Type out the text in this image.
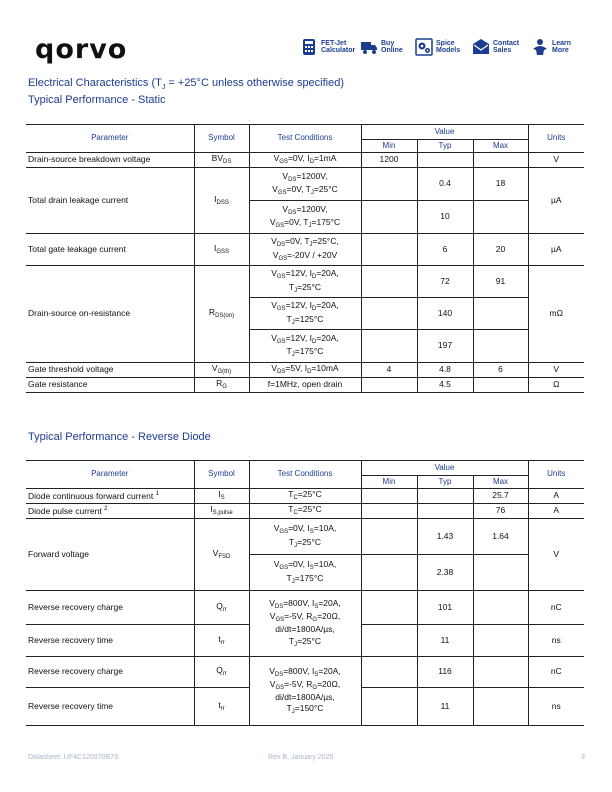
qorvo	FET-Jet
Calculator
Buy
Online
Spice
Models
Contact
Sales
Learn
More
Electrical Characteristics ($T_J = +25^\circ C$ unless otherwise specified)
Typical Performance - Static
Parameter	Symbol	Test Conditions	Value			Units
			Min	Typ	Max	
Drain-source breakdown voltage	$BV_{DS}$	$V_{GS}=0V$, $I_D=1mA$	1200			V
Total drain leakage current	$I_{DSS}$	$V_{DS}=1200V$,
$V_{GS}=0V$, $T_J=25^\circ C$		0.4	18	µA
		$V_{DS}=1200V$,
$V_{GS}=0V$, $T_J=175^\circ C$		10		
Total gate leakage current	$I_{GSS}$	$V_{DS}=0V$, $T_J=25^\circ C$,
$V_{GS}=-20V / +20V$		6	20	µA
Drain-source on-resistance	$R_{DS(on)}$	$V_{GS}=12V$, $I_D=20A$,
$T_J=25^\circ C$		72	91	mΩ
		$V_{GS}=12V$, $I_D=20A$,
$T_J=125^\circ C$		140		
		$V_{GS}=12V$, $I_D=20A$,
$T_J=175^\circ C$		197		
Gate threshold voltage	$V_{G(th)}$	$V_{DS}=5V$, $I_D=10mA$	4	4.8	6	V
Gate resistance	$R_G$	f=1MHz, open drain		4.5		Ω
Typical Performance - Reverse Diode
Parameter	Symbol	Test Conditions	Value			Units
			Min	Typ	Max	
Diode continuous forward current $^1$	$I_S$	$T_C=25^\circ C$			25.7	A
Diode pulse current $^2$	$I_{S,pulse}$	$T_C=25^\circ C$			76	A
Forward voltage	$V_{FSD}$	$V_{GS}=0V$, $I_S=10A$,
$T_J=25^\circ C$		1.43	1.64	V
		$V_{GS}=0V$, $I_S=10A$,
$T_J=175^\circ C$		2.38		
Reverse recovery charge	$Q_{rr}$	$V_{DS}=800V$, $I_S=20A$,
$V_{GS}=-5V$, $R_G=20\Omega$,
di/dt=1800A/µs,
$T_J=25^\circ C$		101		nC
Reverse recovery time	$t_{rr}$			11		ns
Reverse recovery charge	$Q_{rr}$	$V_{DS}=800V$, $I_S=20A$,
$V_{GS}=-5V$, $R_G=20\Omega$,
di/dt=1800A/µs,
$T_J=150^\circ C$		116		nC
Reverse recovery time	$t_{rr}$			11		ns
Datasheet: UF4C120070B7S	Rev B, January 2025	3
